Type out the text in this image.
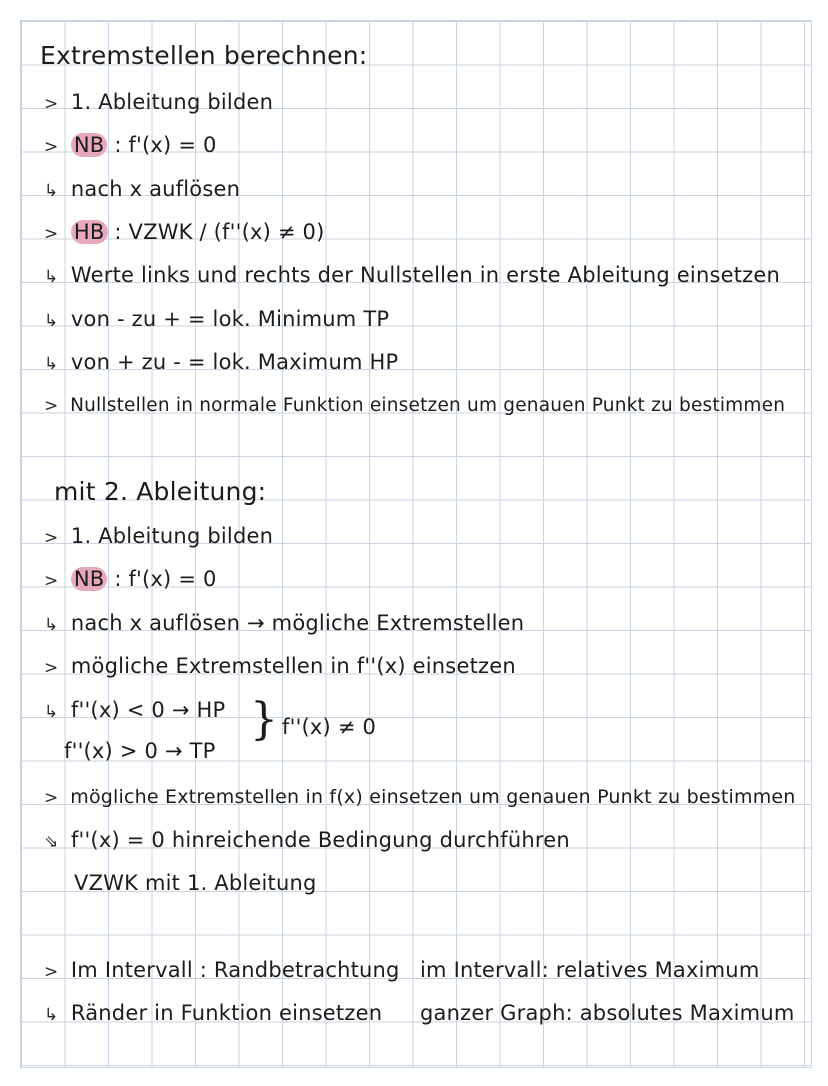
Extremstellen berechnen:
> 1. Ableitung bilden
> NB : f'(x) = 0
↳ nach x auflösen
> HB : VZWK / (f''(x) ≠ 0)
↳ Werte links und rechts der Nullstellen in erste Ableitung einsetzen
↳ von - zu + = lok. Minimum TP
↳ von + zu - = lok. Maximum HP
> Nullstellen in normale Funktion einsetzen um genauen Punkt zu bestimmen
mit 2. Ableitung:
> 1. Ableitung bilden
> NB : f'(x) = 0
↳ nach x auflösen → mögliche Extremstellen
> mögliche Extremstellen in f''(x) einsetzen
↳ f''(x) < 0 → HP
f''(x) > 0 → TP
} f''(x) ≠ 0
> mögliche Extremstellen in f(x) einsetzen um genauen Punkt zu bestimmen
⇘ f''(x) = 0 hinreichende Bedingung durchführen
VZWK mit 1. Ableitung
> Im Intervall : Randbetrachtung
↳ Ränder in Funktion einsetzen
im Intervall: relatives Maximum
ganzer Graph: absolutes Maximum
